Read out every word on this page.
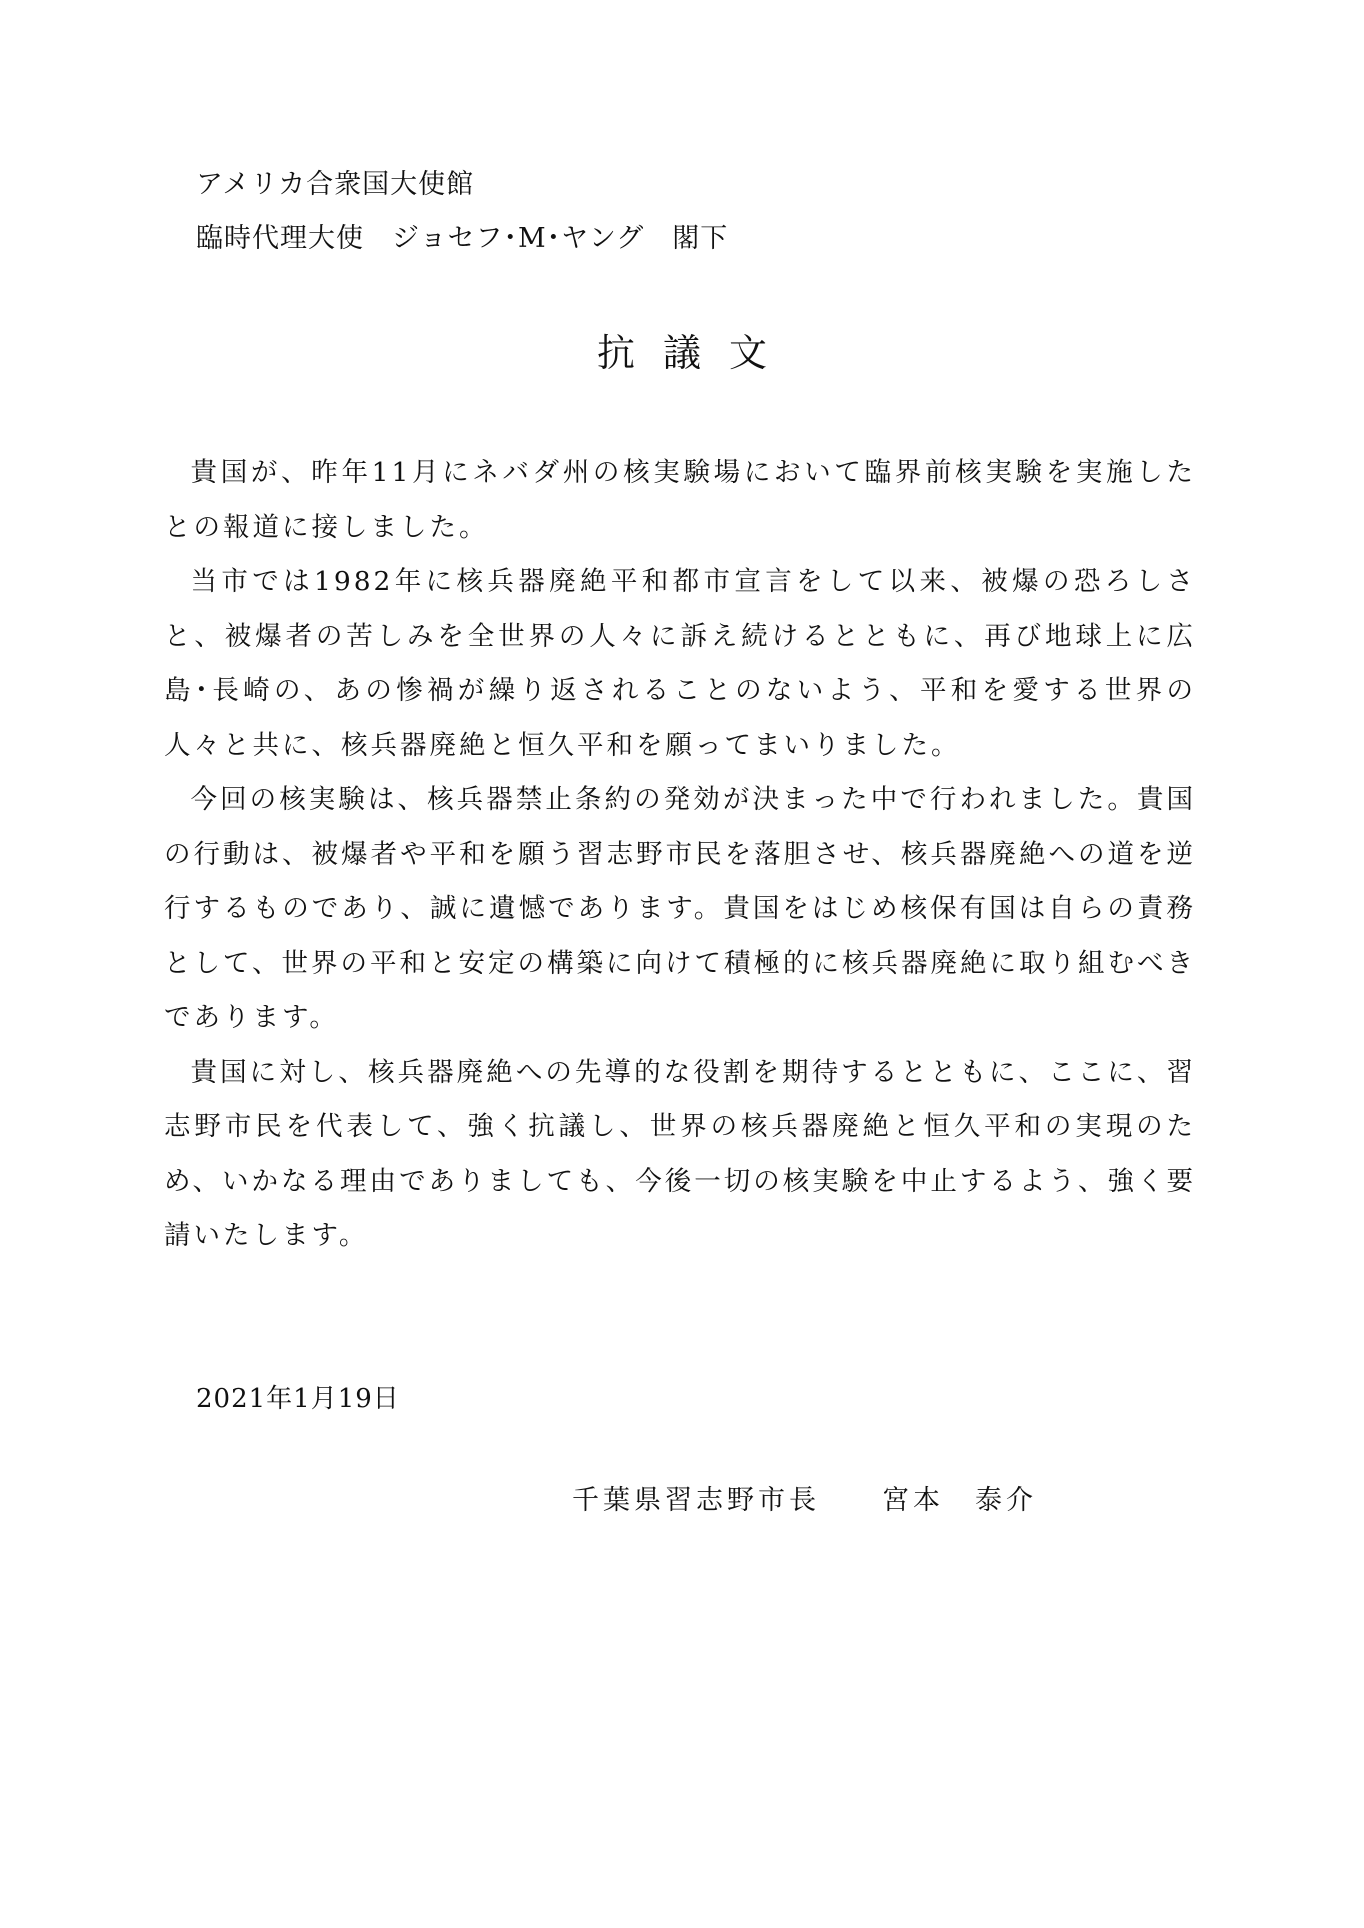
アメリカ合衆国大使館
臨時代理大使　ジョセフ･M･ヤング　閣下
抗議文

貴国が、昨年11月にネバダ州の核実験場において臨界前核実験を実施したとの報道に接しました。

当市では1982年に核兵器廃絶平和都市宣言をして以来、被爆の恐ろしさと、被爆者の苦しみを全世界の人々に訴え続けるとともに、再び地球上に広島･長崎の、あの惨禍が繰り返されることのないよう、平和を愛する世界の人々と共に、核兵器廃絶と恒久平和を願ってまいりました。

今回の核実験は、核兵器禁止条約の発効が決まった中で行われました。貴国の行動は、被爆者や平和を願う習志野市民を落胆させ、核兵器廃絶への道を逆行するものであり、誠に遺憾であります。貴国をはじめ核保有国は自らの責務として、世界の平和と安定の構築に向けて積極的に核兵器廃絶に取り組むべきであります。

貴国に対し、核兵器廃絶への先導的な役割を期待するとともに、ここに、習志野市民を代表して、強く抗議し、世界の核兵器廃絶と恒久平和の実現のため、いかなる理由でありましても、今後一切の核実験を中止するよう、強く要請いたします。

2021年1月19日
千葉県習志野市長　　宮本　泰介
